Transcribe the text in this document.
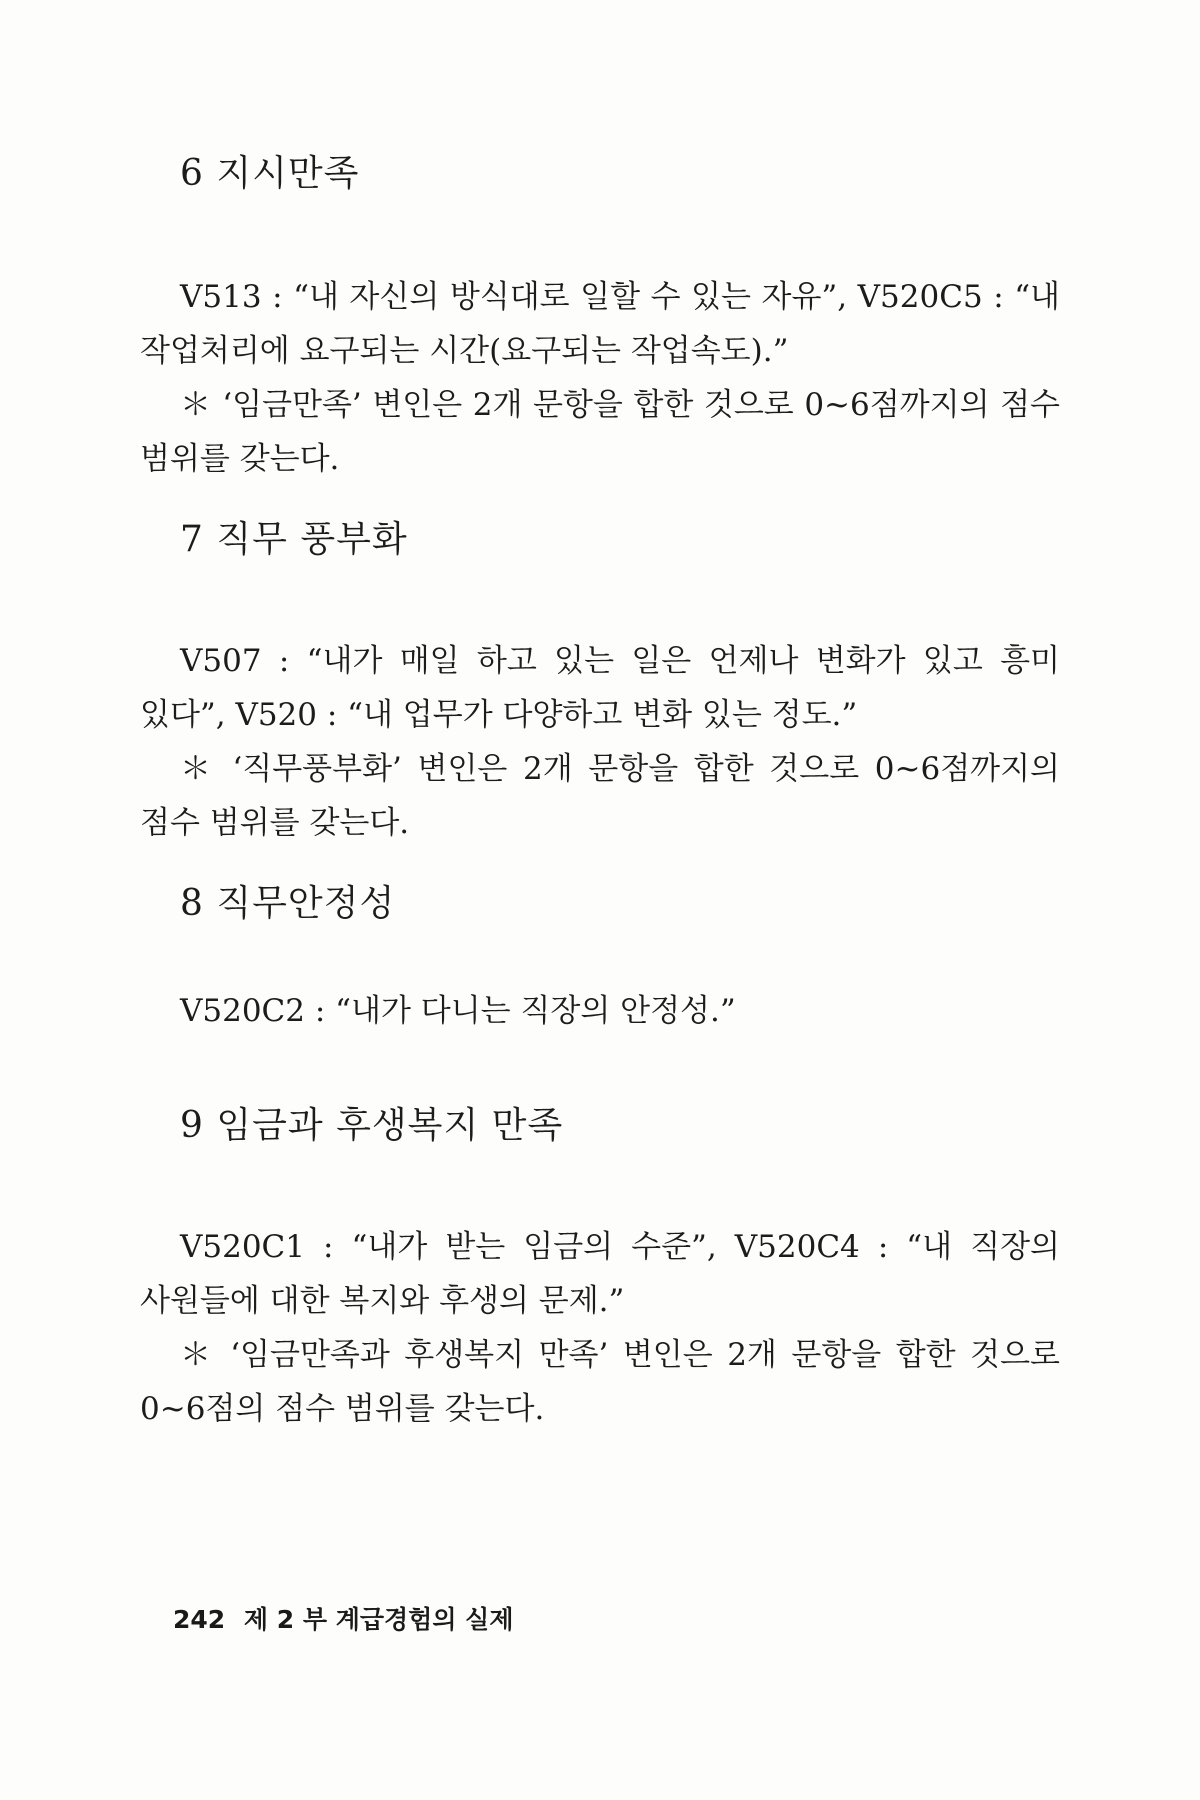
6 지시만족

V513 : “내 자신의 방식대로 일할 수 있는 자유”, V520C5 : “내 작업처리에 요구되는 시간(요구되는 작업속도).”

＊ ‘임금만족’ 변인은 2개 문항을 합한 것으로 0~6점까지의 점수 범위를 갖는다.

7 직무 풍부화

V507 : “내가 매일 하고 있는 일은 언제나 변화가 있고 흥미 있다”, V520 : “내 업무가 다양하고 변화 있는 정도.”

＊ ‘직무풍부화’ 변인은 2개 문항을 합한 것으로 0~6점까지의 점수 범위를 갖는다.

8 직무안정성

V520C2 : “내가 다니는 직장의 안정성.”

9 임금과 후생복지 만족

V520C1 : “내가 받는 임금의 수준”, V520C4 : “내 직장의 사원들에 대한 복지와 후생의 문제.”

＊ ‘임금만족과 후생복지 만족’ 변인은 2개 문항을 합한 것으로 0~6점의 점수 범위를 갖는다.

242 제 2 부 계급경험의 실제
